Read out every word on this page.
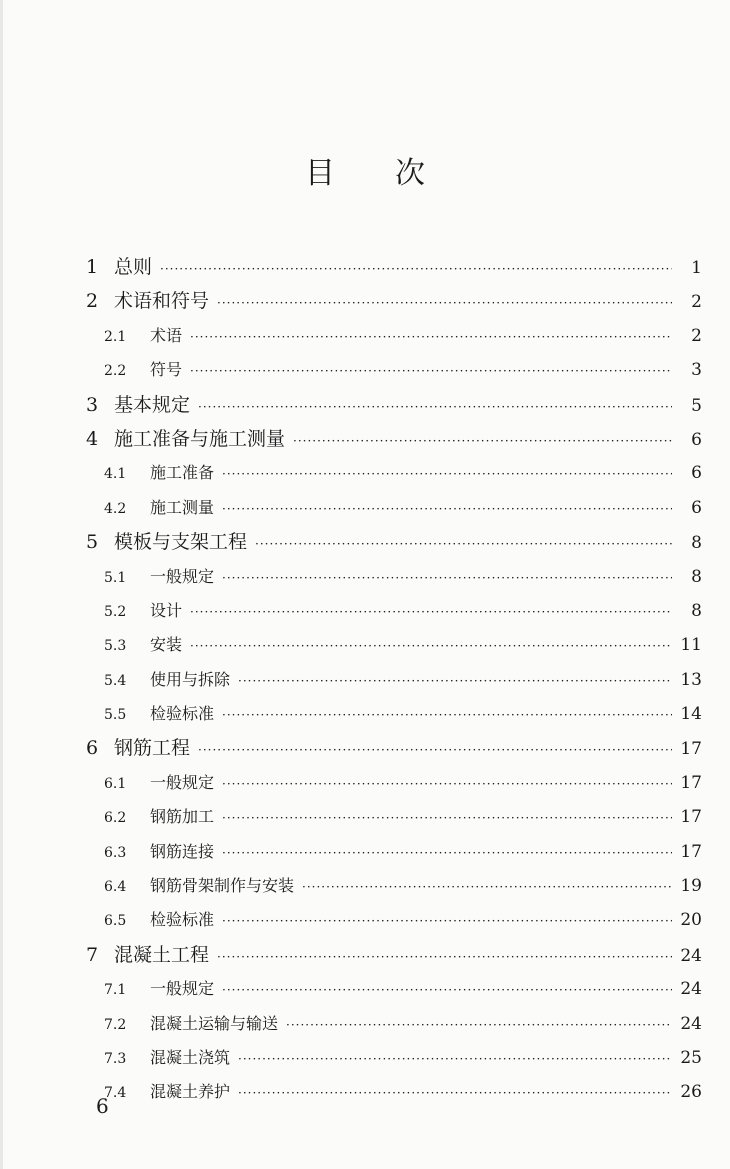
目 次
1 总则 ·····	1
2 术语和符号 ·····	2
2.1	术语 ·····	2
2.2	符号 ·····	3
3 基本规定 ·····	5
4 施工准备与施工测量 ·····	6
4.1	施工准备 ·····	6
4.2	施工测量 ·····	6
5 模板与支架工程 ·····	8
5.1	一般规定 ·····	8
5.2	设计 ·····	8
5.3	安装 ·····	11
5.4	使用与拆除 ·····	13
5.5	检验标准 ·····	14
6 钢筋工程 ·····	17
6.1	一般规定 ·····	17
6.2	钢筋加工 ·····	17
6.3	钢筋连接 ·····	17
6.4	钢筋骨架制作与安装 ·····	19
6.5	检验标准 ·····	20
7 混凝土工程 ·····	24
7.1	一般规定 ·····	24
7.2	混凝土运输与输送 ·····	24
7.3	混凝土浇筑 ·····	25
7.4	混凝土养护 ·····	26
6
